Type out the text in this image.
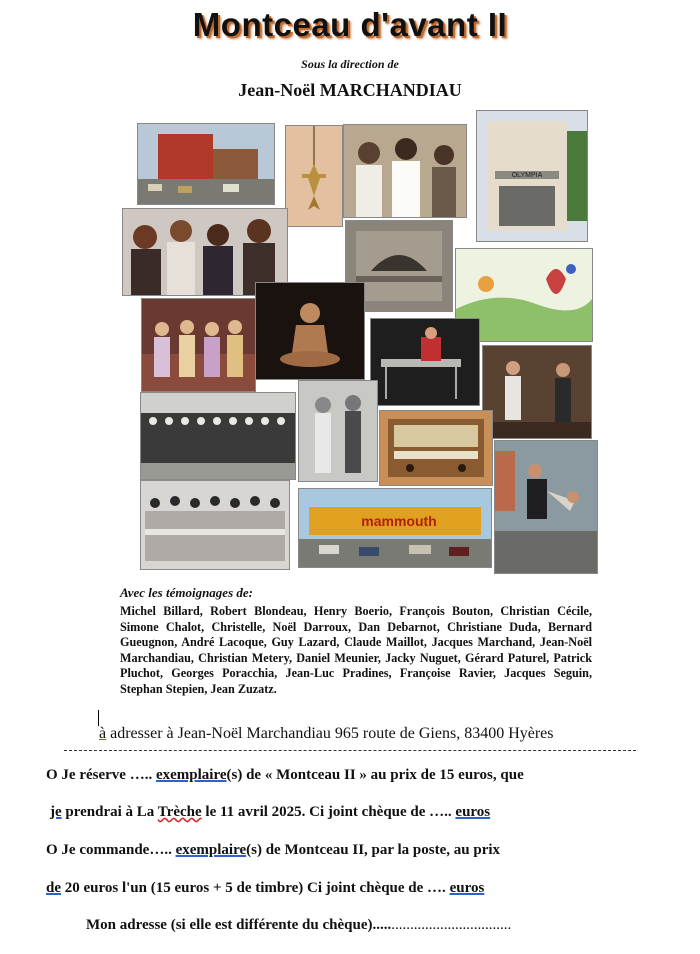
Montceau d'avant II
Sous la direction de
Jean-Noël MARCHANDIAU
OLYMPIA
mammouth
Avec les témoignages de:
Michel Billard, Robert Blondeau, Henry Boerio, François Bouton, Christian Cécile, Simone Chalot, Christelle, Noël Darroux, Dan Debarnot, Christiane Duda, Bernard Gueugnon, André Lacoque, Guy Lazard, Claude Maillot, Jacques Marchand, Jean-Noël Marchandiau, Christian Metery, Daniel Meunier, Jacky Nuguet, Gérard Paturel, Patrick Pluchot, Georges Poracchia, Jean-Luc Pradines, Françoise Ravier, Jacques Seguin, Stephan Stepien, Jean Zuzatz.
à adresser à Jean-Noël Marchandiau 965 route de Giens, 83400 Hyères
O Je réserve ….. exemplaire(s) de « Montceau II » au prix de 15 euros, que
je prendrai à La Trèche le 11 avril 2025. Ci joint chèque de ….. euros
O Je commande….. exemplaire(s) de Montceau II, par la poste, au prix
de 20 euros l'un (15 euros + 5 de timbre) Ci joint chèque de …. euros
Mon adresse (si elle est différente du chèque).....................................
